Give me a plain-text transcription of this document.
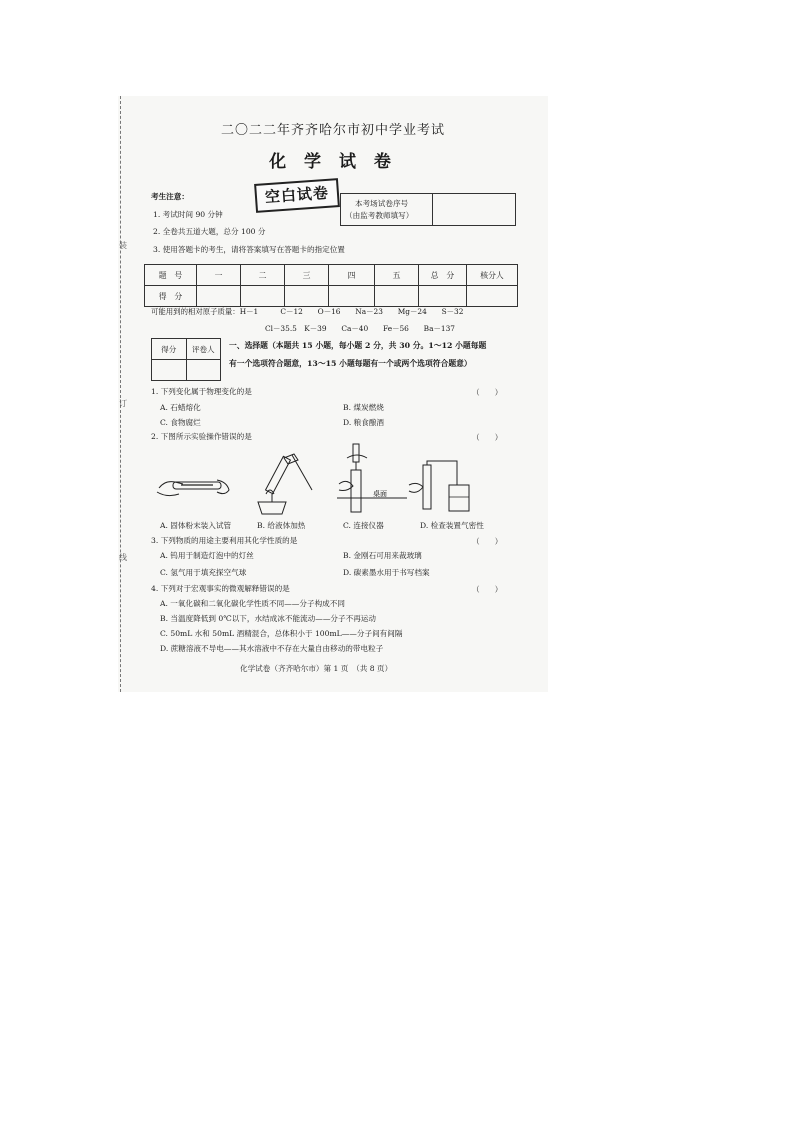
装
订
线
二〇二二年齐齐哈尔市初中学业考试
化 学 试 卷
考生注意：
1. 考试时间 90 分钟
2. 全卷共五道大题，总分 100 分
3. 使用答题卡的考生，请将答案填写在答题卡的指定位置
空白试卷	本考场试卷序号
（由监考教师填写）
题　号	一	二	三	四	五	总　分	核分人
得　分							
可能用到的相对原子质量：H－1　　　C－12　　O－16　　Na－23　　Mg－24　　S－32
Cl－35.5　K－39　　Ca－40　　Fe－56　　Ba－137
得分	评卷人
	一、选择题（本题共 15 小题，每小题 2 分，共 30 分。1～12 小题每题
有一个选项符合题意，13～15 小题每题有一个或两个选项符合题意）
1. 下列变化属于物理变化的是	（　　）
A. 石蜡熔化	B. 煤炭燃烧
C. 食物腐烂	D. 粮食酿酒
2. 下图所示实验操作错误的是	（　　）
桌面
A. 固体粉末装入试管	B. 给液体加热	C. 连接仪器	D. 检查装置气密性
3. 下列物质的用途主要利用其化学性质的是	（　　）
A. 钨用于制造灯泡中的灯丝	B. 金刚石可用来裁玻璃
C. 氢气用于填充探空气球	D. 碳素墨水用于书写档案
4. 下列对于宏观事实的微观解释错误的是	（　　）
A. 一氧化碳和二氧化碳化学性质不同——分子构成不同
B. 当温度降低到 0℃以下，水结成冰不能流动——分子不再运动
C. 50mL 水和 50mL 酒精混合，总体积小于 100mL——分子间有间隔
D. 蔗糖溶液不导电——其水溶液中不存在大量自由移动的带电粒子
化学试卷（齐齐哈尔市）第 1 页　（共 8 页）
